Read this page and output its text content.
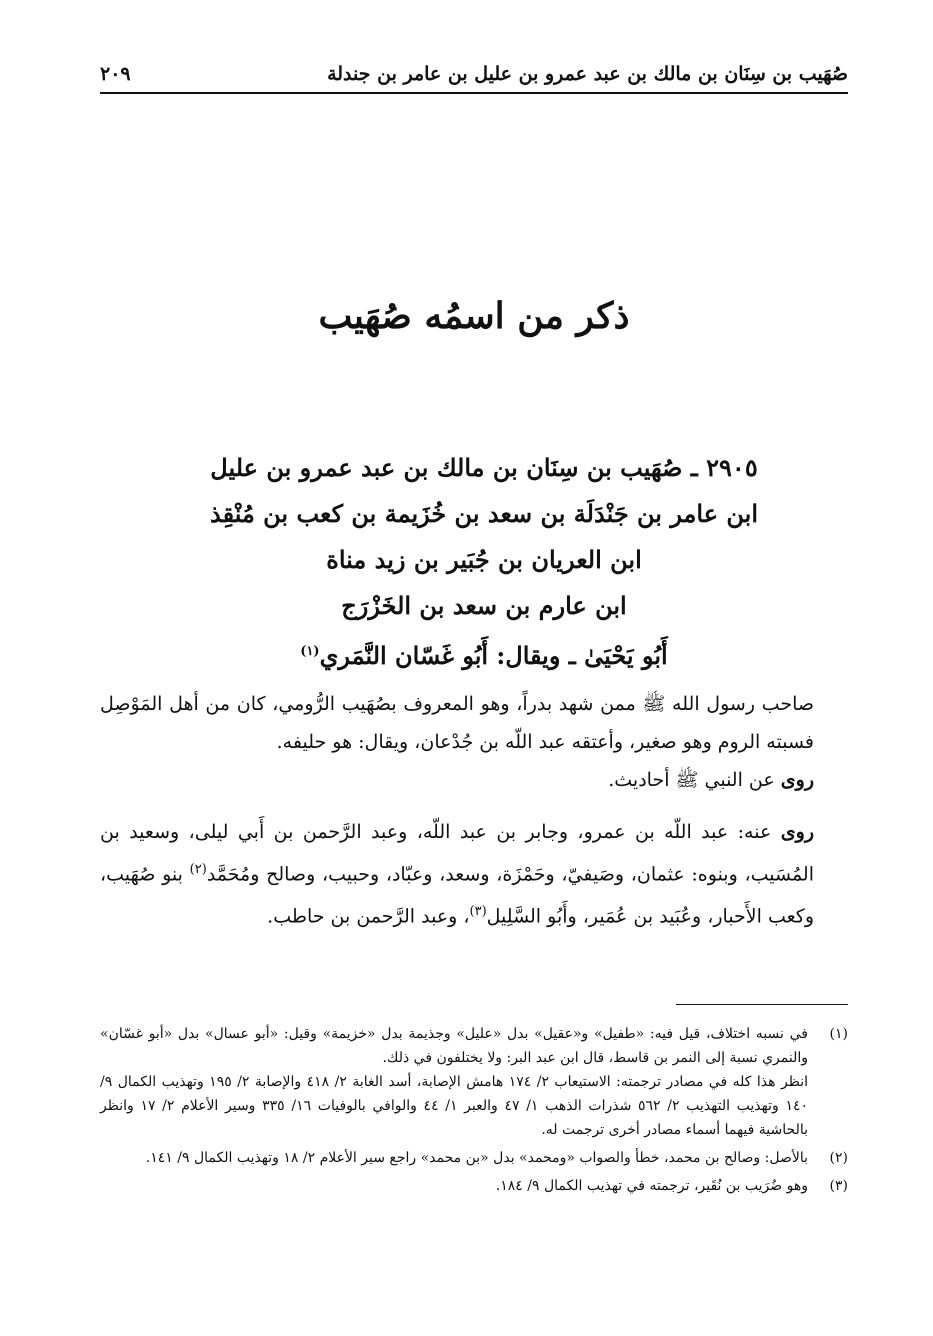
صُهَيب بن سِنَان بن مالك بن عبد عمرو بن عليل بن عامر بن جندلة
٢٠٩
ذكر من اسمُه صُهَيب
٢٩٠٥ ـ صُهَيب بن سِنَان بن مالك بن عبد عمرو بن عليل
ابن عامر بن جَنْدَلَة بن سعد بن خُزَيمة بن كعب بن مُنْقِذ
ابن العريان بن جُبَير بن زيد مناة
ابن عارم بن سعد بن الخَزْرَج
أَبُو يَحْيَىٰ ـ ويقال: أَبُو غَسّان النَّمَري$^{(١)}$

صاحب رسول الله ﷺ ممن شهد بدراً، وهو المعروف بصُهَيب الرُّومي، كان من أهل المَوْصِل فسبته الروم وهو صغير، وأعتقه عبد اللّه بن جُدْعان، ويقال: هو حليفه.

روى عن النبي ﷺ أحاديث.

روى عنه: عبد اللّه بن عمرو، وجابر بن عبد اللّه، وعبد الرَّحمن بن أَبي ليلى، وسعيد بن المُسَيب، وبنوه: عثمان، وصَيفيّ، وحَمْزَة، وسعد، وعبّاد، وحبيب، وصالح ومُحَمَّد$^{(٢)}$ بنو صُهَيب، وكعب الأَحبار، وعُبَيد بن عُمَير، وأَبُو السَّلِيل$^{(٣)}$، وعبد الرَّحمن بن حاطب.

(١)

في نسبه اختلاف، قيل فيه: «طفيل» و«عقيل» بدل «عليل» وجذيمة بدل «خزيمة» وقيل: «أبو عسال» بدل «أبو غسّان» والنمري نسبة إلى النمر بن قاسط، قال ابن عبد البر: ولا يختلفون في ذلك.

انظر هذا كله في مصادر ترجمته: الاستيعاب ٢/ ١٧٤ هامش الإصابة، أسد الغابة ٢/ ٤١٨ والإصابة ٢/ ١٩٥ وتهذيب الكمال ٩/ ١٤٠ وتهذيب التهذيب ٢/ ٥٦٢ شذرات الذهب ١/ ٤٧ والعبر ١/ ٤٤ والوافي بالوفيات ١٦/ ٣٣٥ وسير الأعلام ٢/ ١٧ وانظر بالحاشية فيهما أسماء مصادر أخرى ترجمت له.

(٢)

بالأصل: وصالح بن محمد، خطأ والصواب «ومحمد» بدل «بن محمد» راجع سير الأعلام ٢/ ١٨ وتهذيب الكمال ٩/ ١٤١.

(٣)

وهو ضُرَيب بن نُقَير، ترجمته في تهذيب الكمال ٩/ ١٨٤.
